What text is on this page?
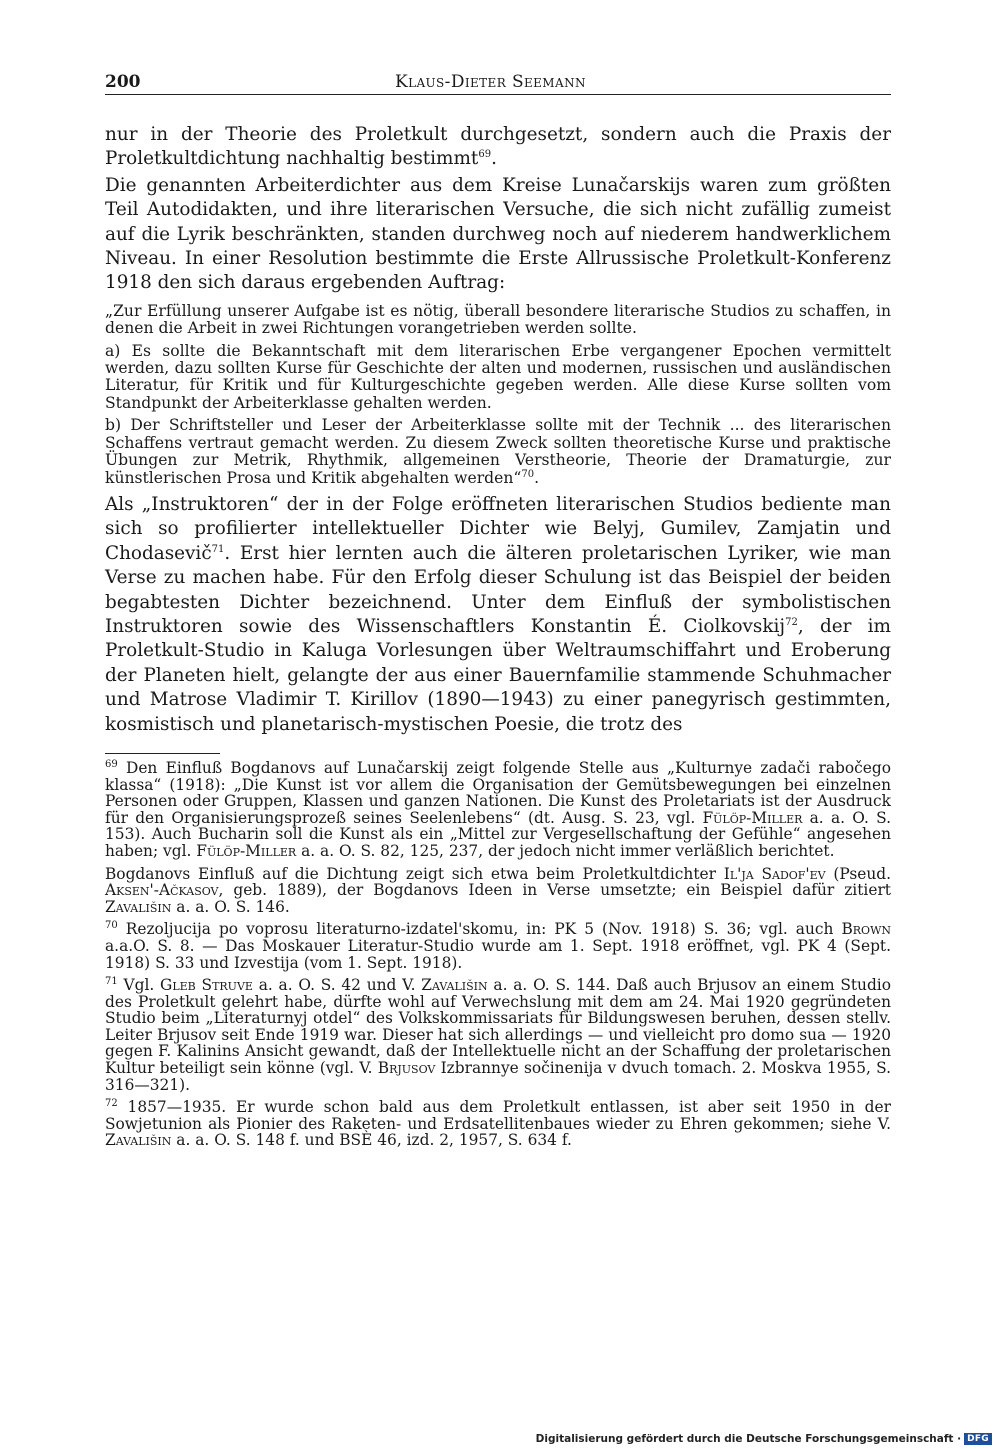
200	Klaus-Dieter Seemann

nur in der Theorie des Proletkult durchgesetzt, sondern auch die Praxis der Proletkultdichtung nachhaltig bestimmt$^{69}$.

Die genannten Arbeiterdichter aus dem Kreise Lunačarskijs waren zum größten Teil Autodidakten, und ihre literarischen Versuche, die sich nicht zufällig zumeist auf die Lyrik beschränkten, standen durchweg noch auf niederem handwerklichem Niveau. In einer Resolution bestimmte die Erste Allrussische Proletkult-Konferenz 1918 den sich daraus ergebenden Auftrag:

„Zur Erfüllung unserer Aufgabe ist es nötig, überall besondere literarische Studios zu schaffen, in denen die Arbeit in zwei Richtungen vorangetrieben werden sollte.

a) Es sollte die Bekanntschaft mit dem literarischen Erbe vergangener Epochen vermittelt werden, dazu sollten Kurse für Geschichte der alten und modernen, russischen und ausländischen Literatur, für Kritik und für Kulturgeschichte gegeben werden. Alle diese Kurse sollten vom Standpunkt der Arbeiterklasse gehalten werden.

b) Der Schriftsteller und Leser der Arbeiterklasse sollte mit der Technik ... des literarischen Schaffens vertraut gemacht werden. Zu diesem Zweck sollten theoretische Kurse und praktische Übungen zur Metrik, Rhythmik, allgemeinen Verstheorie, Theorie der Dramaturgie, zur künstlerischen Prosa und Kritik abgehalten werden“$^{70}$.

Als „Instruktoren“ der in der Folge eröffneten literarischen Studios bediente man sich so profilierter intellektueller Dichter wie Belyj, Gumilev, Zamjatin und Chodasevič$^{71}$. Erst hier lernten auch die älteren proletarischen Lyriker, wie man Verse zu machen habe. Für den Erfolg dieser Schulung ist das Beispiel der beiden begabtesten Dichter bezeichnend. Unter dem Einfluß der symbolistischen Instruktoren sowie des Wissenschaftlers Konstantin É. Ciolkovskij$^{72}$, der im Proletkult-Studio in Kaluga Vorlesungen über Weltraumschiffahrt und Eroberung der Planeten hielt, gelangte der aus einer Bauernfamilie stammende Schuhmacher und Matrose Vladimir T. Kirillov (1890—1943) zu einer panegyrisch gestimmten, kosmistisch und planetarisch-mystischen Poesie, die trotz des

$^{69}$ Den Einfluß Bogdanovs auf Lunačarskij zeigt folgende Stelle aus „Kulturnye zadači rabočego klassa“ (1918): „Die Kunst ist vor allem die Organisation der Gemütsbewegungen bei einzelnen Personen oder Gruppen, Klassen und ganzen Nationen. Die Kunst des Proletariats ist der Ausdruck für den Organisierungsprozeß seines Seelenlebens“ (dt. Ausg. S. 23, vgl. Fülöp-Miller a. a. O. S. 153). Auch Bucharin soll die Kunst als ein „Mittel zur Vergesellschaftung der Gefühle“ angesehen haben; vgl. Fülöp-Miller a. a. O. S. 82, 125, 237, der jedoch nicht immer verläßlich berichtet.

Bogdanovs Einfluß auf die Dichtung zeigt sich etwa beim Proletkultdichter Il'ja Sadof'ev (Pseud. Aksen'-Ačkasov, geb. 1889), der Bogdanovs Ideen in Verse umsetzte; ein Beispiel dafür zitiert Zavališin a. a. O. S. 146.

$^{70}$ Rezoljucija po voprosu literaturno-izdatel'skomu, in: PK 5 (Nov. 1918) S. 36; vgl. auch Brown a.a.O. S. 8. — Das Moskauer Literatur-Studio wurde am 1. Sept. 1918 eröffnet, vgl. PK 4 (Sept. 1918) S. 33 und Izvestija (vom 1. Sept. 1918).

$^{71}$ Vgl. Gleb Struve a. a. O. S. 42 und V. Zavališin a. a. O. S. 144. Daß auch Brjusov an einem Studio des Proletkult gelehrt habe, dürfte wohl auf Verwechslung mit dem am 24. Mai 1920 gegründeten Studio beim „Literaturnyj otdel“ des Volkskommissariats für Bildungswesen beruhen, dessen stellv. Leiter Brjusov seit Ende 1919 war. Dieser hat sich allerdings — und vielleicht pro domo sua — 1920 gegen F. Kalinins Ansicht gewandt, daß der Intellektuelle nicht an der Schaffung der proletarischen Kultur beteiligt sein könne (vgl. V. Brjusov Izbrannye sočinenija v dvuch tomach. 2. Moskva 1955, S. 316—321).

$^{72}$ 1857—1935. Er wurde schon bald aus dem Proletkult entlassen, ist aber seit 1950 in der Sowjetunion als Pionier des Raketen- und Erdsatellitenbaues wieder zu Ehren gekommen; siehe V. Zavališin a. a. O. S. 148 f. und BSÈ 46, izd. 2, 1957, S. 634 f.

Digitalisierung gefördert durch die Deutsche Forschungsgemeinschaft · DFG
